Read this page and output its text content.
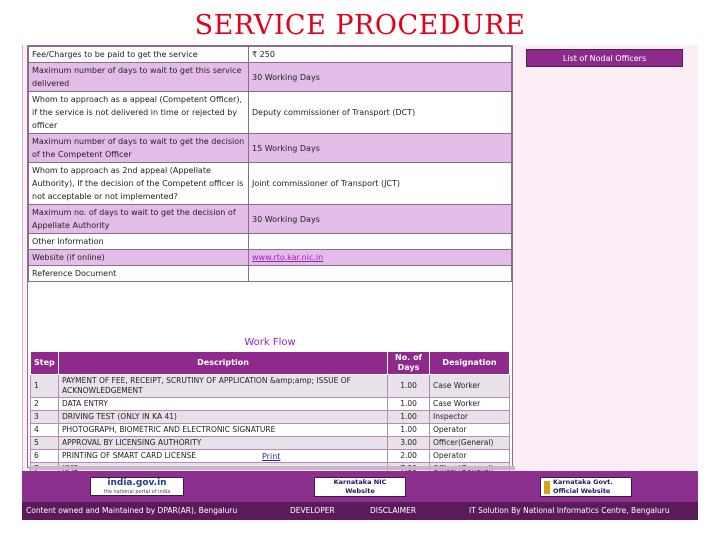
SERVICE PROCEDURE
Fee/Charges to be paid to get the service	₹ 250
Maximum number of days to wait to get this service delivered	30 Working Days
Whom to approach as a appeal (Competent Officer), if the service is not delivered in time or rejected by officer	Deputy commissioner of Transport (DCT)
Maximum number of days to wait to get the decision of the Competent Officer	15 Working Days
Whom to approach as 2nd appeal (Appellate Authority), If the decision of the Competent officer is not acceptable or not implemented?	Joint commissioner of Transport (JCT)
Maximum no. of days to wait to get the decision of Appellate Authority	30 Working Days
Other Information	
Website (if online)	www.rto.kar.nic.in
Reference Document	
Work Flow
Step	Description	No. of Days	Designation
1	PAYMENT OF FEE, RECEIPT, SCRUTINY OF APPLICATION &amp;amp; ISSUE OF ACKNOWLEDGEMENT	1.00	Case Worker
2	DATA ENTRY	1.00	Case Worker
3	DRIVING TEST (ONLY IN KA 41)	1.00	Inspector
4	PHOTOGRAPH, BIOMETRIC AND ELECTRONIC SIGNATURE	1.00	Operator
5	APPROVAL BY LICENSING AUTHORITY	3.00	Officer(General)
6	PRINTING OF SMART CARD LICENSE	2.00	Operator

Print
List of Nodal Officers
india.gov.in
the national portal of india
Karnataka NIC
Website
Karnataka Govt.
Official Website
Content owned and Maintained by DPAR(AR), Bengaluru	DEVELOPER	DISCLAIMER	IT Solution By National Informatics Centre, Bengaluru
